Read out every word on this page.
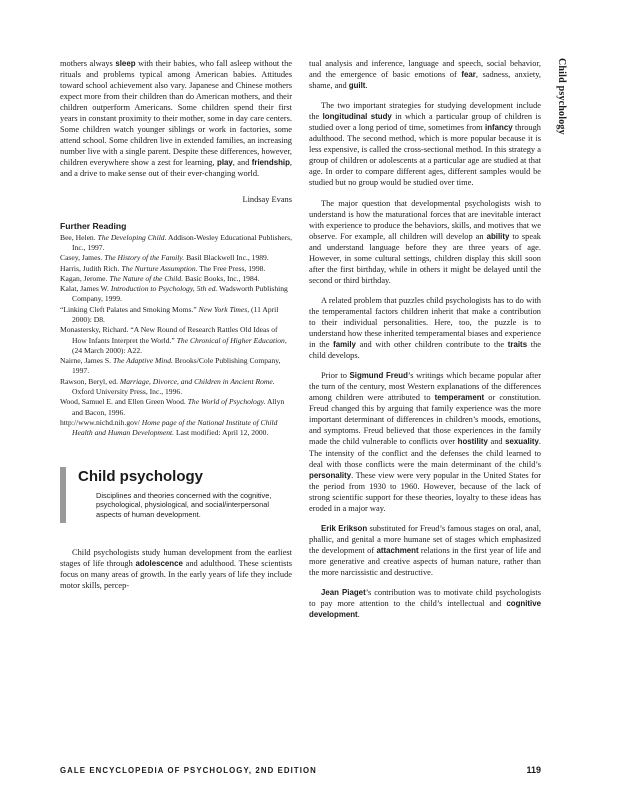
mothers always sleep with their babies, who fall asleep without the rituals and problems typical among American babies. Attitudes toward school achievement also vary. Japanese and Chinese mothers expect more from their children than do American mothers, and their children outperform Americans. Some children spend their first years in constant proximity to their mother, some in day care centers. Some children watch younger siblings or work in factories, some attend school. Some children live in extended families, an increasing number live with a single parent. Despite these differences, however, children everywhere show a zest for learning, play, and friendship, and a drive to make sense out of their ever-changing world.

Lindsay Evans

Further Reading

Bee, Helen. The Developing Child. Addison-Wesley Educational Publishers, Inc., 1997.
Casey, James. The History of the Family. Basil Blackwell Inc., 1989.
Harris, Judith Rich. The Nurture Assumption. The Free Press, 1998.
Kagan, Jerome. The Nature of the Child. Basic Books, Inc., 1984.
Kalat, James W. Introduction to Psychology, 5th ed. Wadsworth Publishing Company, 1999.
“Linking Cleft Palates and Smoking Moms.” New York Times, (11 April 2000): D8.
Monastersky, Richard. “A New Round of Research Rattles Old Ideas of How Infants Interpret the World.” The Chronical of Higher Education, (24 March 2000): A22.
Nairne, James S. The Adaptive Mind. Brooks/Cole Publishing Company, 1997.
Rawson, Beryl, ed. Marriage, Divorce, and Children in Ancient Rome. Oxford University Press, Inc., 1996.
Wood, Samuel E. and Ellen Green Wood. The World of Psychology. Allyn and Bacon, 1996.
http://www.nichd.nih.gov/ Home page of the National Institute of Child Health and Human Development. Last modified: April 12, 2000.

Child psychology

Disciplines and theories concerned with the cognitive, psychological, physiological, and social/interpersonal aspects of human development.

Child psychologists study human development from the earliest stages of life through adolescence and adulthood. These scientists focus on many areas of growth. In the early years of life they include motor skills, percep-

tual analysis and inference, language and speech, social behavior, and the emergence of basic emotions of fear, sadness, anxiety, shame, and guilt.

The two important strategies for studying development include the longitudinal study in which a particular group of children is studied over a long period of time, sometimes from infancy through adulthood. The second method, which is more popular because it is less expensive, is called the cross-sectional method. In this strategy a group of children or adolescents at a particular age are studied at that age. In order to compare different ages, different samples would be studied but no group would be studied over time.

The major question that developmental psychologists wish to understand is how the maturational forces that are inevitable interact with experience to produce the behaviors, skills, and motives that we observe. For example, all children will develop an ability to speak and understand language before they are three years of age. However, in some cultural settings, children display this skill soon after the first birthday, while in others it might be delayed until the second or third birthday.

A related problem that puzzles child psychologists has to do with the temperamental factors children inherit that make a contribution to their individual personalities. Here, too, the puzzle is to understand how these inherited temperamental biases and experience in the family and with other children contribute to the traits the child develops.

Prior to Sigmund Freud’s writings which became popular after the turn of the century, most Western explanations of the differences among children were attributed to temperament or constitution. Freud changed this by arguing that family experience was the more important determinant of differences in children’s moods, emotions, and symptoms. Freud believed that those experiences in the family made the child vulnerable to conflicts over hostility and sexuality. The intensity of the conflict and the defenses the child learned to deal with those conflicts were the main determinant of the child’s personality. These view were very popular in the United States for the period from 1930 to 1960. However, because of the lack of strong scientific support for these theories, loyalty to these ideas has eroded in a major way.

Erik Erikson substituted for Freud’s famous stages on oral, anal, phallic, and genital a more humane set of stages which emphasized the development of attachment relations in the first year of life and more generative and creative aspects of human nature, rather than the more narcissistic and destructive.

Jean Piaget’s contribution was to motivate child psychologists to pay more attention to the child’s intellectual and cognitive development.

Child psychology
GALE ENCYCLOPEDIA OF PSYCHOLOGY, 2ND EDITION	119
